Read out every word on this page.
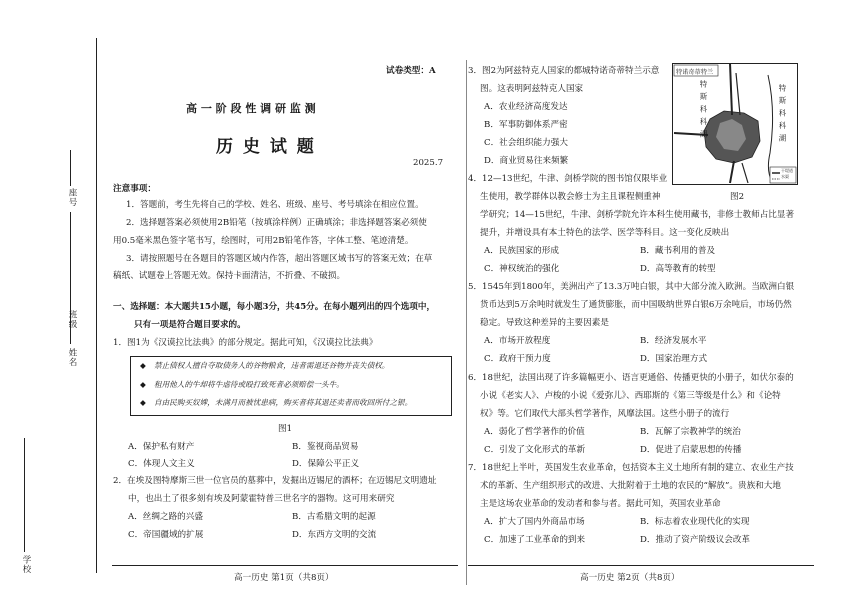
学校
姓名
班级
座号
试卷类型：A
高 一 阶 段 性 调 研 监 测
历 史 试 题
2025.7
注意事项：
1．答题前，考生先将自己的学校、姓名、班级、座号、考号填涂在相应位置。
2．选择题答案必须使用2B铅笔（按填涂样例）正确填涂；非选择题答案必须使
用0.5毫米黑色签字笔书写，绘图时，可用2B铅笔作答，字体工整、笔迹清楚。
3．请按照题号在各题目的答题区域内作答，超出答题区域书写的答案无效；在草
稿纸、试题卷上答题无效。保持卡面清洁，不折叠、不破损。
一、选择题：本大题共15小题，每小题3分，共45分。在每小题列出的四个选项中，
只有一项是符合题目要求的。
1．图1为《汉谟拉比法典》的部分规定。据此可知，《汉谟拉比法典》
◆ 禁止债权人擅自夺取债务人的谷物粮食，违者需退还谷物并丧失债权。
◆ 租用他人的牛却将牛虐待或殴打致死者必须赔偿一头牛。
◆ 自由民购买奴婢，未满月而被忧患病，购买者将其退还卖者而收回所付之银。
图1
A．保护私有财产	B．鉴视商品贸易
C．体现人文主义	D．保障公平正义
2．在埃及图特摩斯三世一位官员的墓葬中，发掘出迈锡尼的酒杯；在迈锡尼文明遗址
中，也出土了很多刻有埃及阿蒙霍特普三世名字的器物。这可用来研究
A．丝绸之路的兴盛	B．古希腊文明的起源
C．帝国疆域的扩展	D．东西方文明的交流
高一历史 第1页（共8页）
3．图2为阿兹特克人国家的都城特诺奇蒂特兰示意
图。这表明阿兹特克人国家
A．农业经济高度发达
B．军事防御体系严密
C．社会组织能力强大
D．商业贸易往来频繁
特诺奇蒂特兰
特斯科科湖	特斯科科湖
干堤道
水渠
图2
4．12—13世纪，牛津、剑桥学院的图书馆仅限毕业
生使用，教学群体以教会修士为主且课程侧重神
学研究；14—15世纪，牛津、剑桥学院允许本科生使用藏书，非修士教师占比显著
提升，并增设具有本土特色的法学、医学等科目。这一变化反映出
A．民族国家的形成	B．藏书利用的普及
C．神权统治的强化	D．高等教育的转型
5．1545年到1800年，美洲出产了13.3万吨白银，其中大部分流入欧洲。当欧洲白银
货币达到5万余吨时就发生了通货膨胀，而中国吸纳世界白银6万余吨后，市场仍然
稳定。导致这种差异的主要因素是
A．市场开放程度	B．经济发展水平
C．政府干预力度	D．国家治理方式
6．18世纪，法国出现了许多篇幅更小、语言更通俗、传播更快的小册子，如伏尔泰的
小说《老实人》、卢梭的小说《爱弥儿》、西耶斯的《第三等级是什么》和《论特
权》等。它们取代大部头哲学著作，风靡法国。这些小册子的流行
A．弱化了哲学著作的价值	B．瓦解了宗教神学的统治
C．引发了文化形式的革新	D．促进了启蒙思想的传播
7．18世纪上半叶，英国发生农业革命，包括资本主义土地所有制的建立、农业生产技
术的革新、生产组织形式的改进、大批附着于土地的农民的“解放”。贵族和大地
主是这场农业革命的发动者和参与者。据此可知，英国农业革命
A．扩大了国内外商品市场	B．标志着农业现代化的实现
C．加速了工业革命的到来	D．推动了资产阶级议会改革
高一历史 第2页（共8页）
